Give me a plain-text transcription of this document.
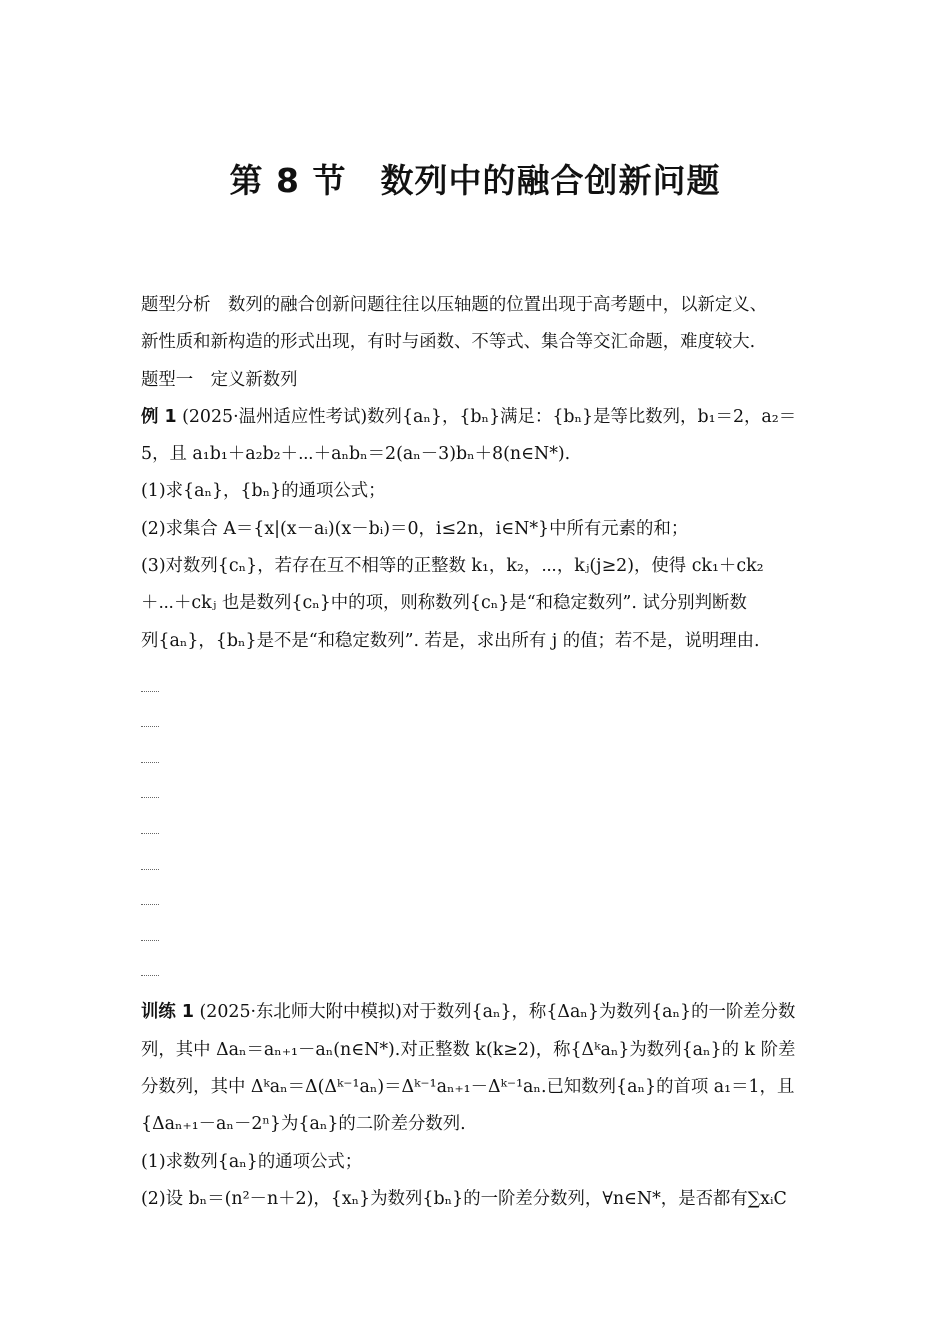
第 8 节　数列中的融合创新问题
题型分析　数列的融合创新问题往往以压轴题的位置出现于高考题中，以新定义、
新性质和新构造的形式出现，有时与函数、不等式、集合等交汇命题，难度较大.
题型一　定义新数列
例 1 (2025·温州适应性考试)数列{aₙ}，{bₙ}满足：{bₙ}是等比数列，b₁＝2，a₂＝
5，且 a₁b₁＋a₂b₂＋⋯＋aₙbₙ＝2(aₙ－3)bₙ＋8(n∈N*).
(1)求{aₙ}，{bₙ}的通项公式；
(2)求集合 A＝{x|(x－aᵢ)(x－bᵢ)＝0，i≤2n，i∈N*}中所有元素的和；
(3)对数列{cₙ}，若存在互不相等的正整数 k₁，k₂，⋯，kⱼ(j≥2)，使得 ck₁＋ck₂
＋⋯＋ckⱼ 也是数列{cₙ}中的项，则称数列{cₙ}是“和稳定数列”. 试分别判断数
列{aₙ}，{bₙ}是不是“和稳定数列”. 若是，求出所有 j 的值；若不是，说明理由.
训练 1 (2025·东北师大附中模拟)对于数列{aₙ}，称{Δaₙ}为数列{aₙ}的一阶差分数
列，其中 Δaₙ＝aₙ₊₁－aₙ(n∈N*).对正整数 k(k≥2)，称{Δᵏaₙ}为数列{aₙ}的 k 阶差
分数列，其中 Δᵏaₙ＝Δ(Δᵏ⁻¹aₙ)＝Δᵏ⁻¹aₙ₊₁－Δᵏ⁻¹aₙ.已知数列{aₙ}的首项 a₁＝1，且
{Δaₙ₊₁－aₙ－2ⁿ}为{aₙ}的二阶差分数列.
(1)求数列{aₙ}的通项公式；
(2)设 bₙ＝(n²－n＋2)，{xₙ}为数列{bₙ}的一阶差分数列，∀n∈N*，是否都有∑xᵢC
